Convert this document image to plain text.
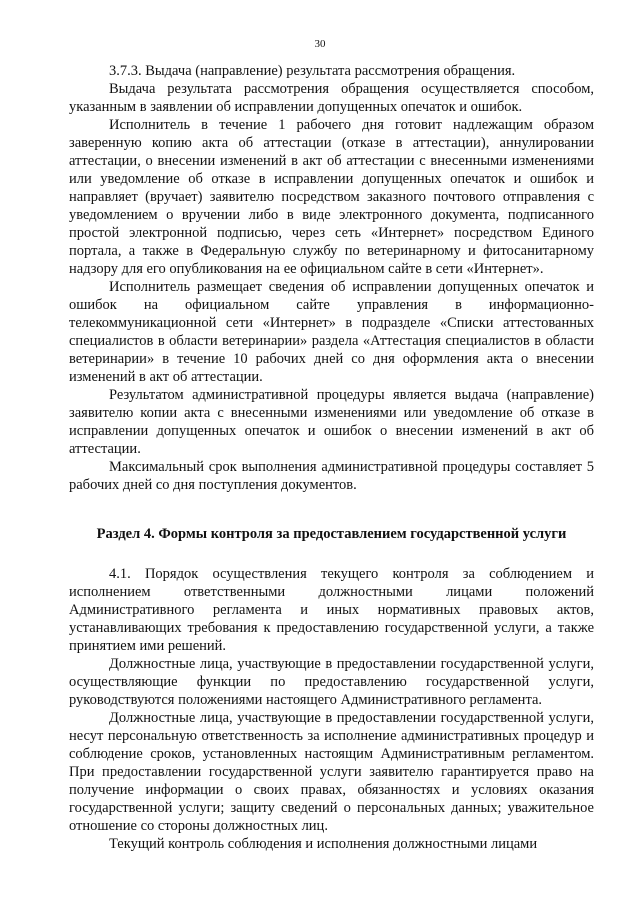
30

3.7.3. Выдача (направление) результата рассмотрения обращения.

Выдача результата рассмотрения обращения осуществляется способом, указанным в заявлении об исправлении допущенных опечаток и ошибок.

Исполнитель в течение 1 рабочего дня готовит надлежащим образом заверенную копию акта об аттестации (отказе в аттестации), аннулировании аттестации, о внесении изменений в акт об аттестации с внесенными изменениями или уведомление об отказе в исправлении допущенных опечаток и ошибок и направляет (вручает) заявителю посредством заказного почтового отправления с уведомлением о вручении либо в виде электронного документа, подписанного простой электронной подписью, через сеть «Интернет» посредством Единого портала, а также в Федеральную службу по ветеринарному и фитосанитарному надзору для его опубликования на ее официальном сайте в сети «Интернет».

Исполнитель размещает сведения об исправлении допущенных опечаток и ошибок на официальном сайте управления в информационно-телекоммуникационной сети «Интернет» в подразделе «Списки аттестованных специалистов в области ветеринарии» раздела «Аттестация специалистов в области ветеринарии» в течение 10 рабочих дней со дня оформления акта о внесении изменений в акт об аттестации.

Результатом административной процедуры является выдача (направление) заявителю копии акта с внесенными изменениями или уведомление об отказе в исправлении допущенных опечаток и ошибок о внесении изменений в акт об аттестации.

Максимальный срок выполнения административной процедуры составляет 5 рабочих дней со дня поступления документов.

Раздел 4. Формы контроля за предоставлением государственной услуги

4.1. Порядок осуществления текущего контроля за соблюдением и исполнением ответственными должностными лицами положений Административного регламента и иных нормативных правовых актов, устанавливающих требования к предоставлению государственной услуги, а также принятием ими решений.

Должностные лица, участвующие в предоставлении государственной услуги, осуществляющие функции по предоставлению государственной услуги, руководствуются положениями настоящего Административного регламента.

Должностные лица, участвующие в предоставлении государственной услуги, несут персональную ответственность за исполнение административных процедур и соблюдение сроков, установленных настоящим Административным регламентом. При предоставлении государственной услуги заявителю гарантируется право на получение информации о своих правах, обязанностях и условиях оказания государственной услуги; защиту сведений о персональных данных; уважительное отношение со стороны должностных лиц.

Текущий контроль соблюдения и исполнения должностными лицами
